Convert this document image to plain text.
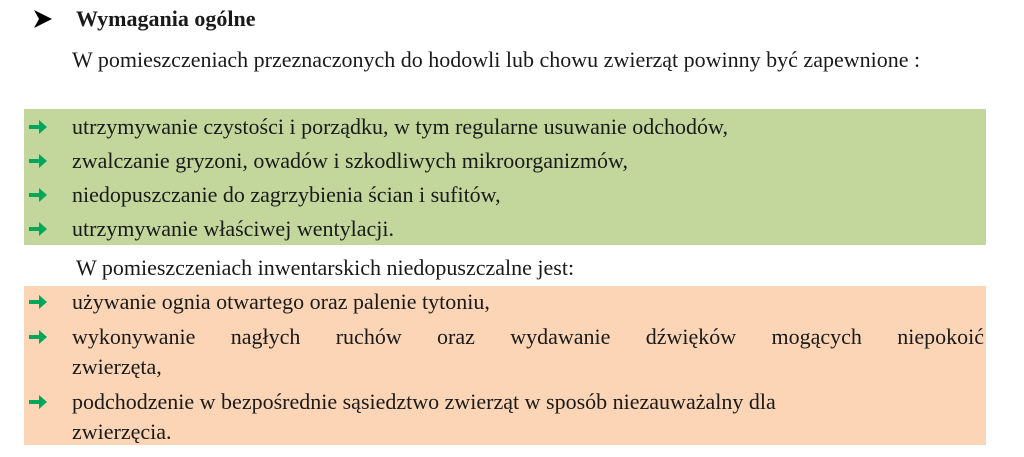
Wymagania ogólne
W pomieszczeniach przeznaczonych do hodowli lub chowu zwierząt powinny być zapewnione :
utrzymywanie czystości i porządku, w tym regularne usuwanie odchodów,
zwalczanie gryzoni, owadów i szkodliwych mikroorganizmów,
niedopuszczanie do zagrzybienia ścian i sufitów,
utrzymywanie właściwej wentylacji.
W pomieszczeniach inwentarskich niedopuszczalne jest:
używanie ognia otwartego oraz palenie tytoniu,
wykonywanie nagłych ruchów oraz wydawanie dźwięków mogących niepokoić
zwierzęta,
podchodzenie w bezpośrednie sąsiedztwo zwierząt w sposób niezauważalny dla
zwierzęcia.
